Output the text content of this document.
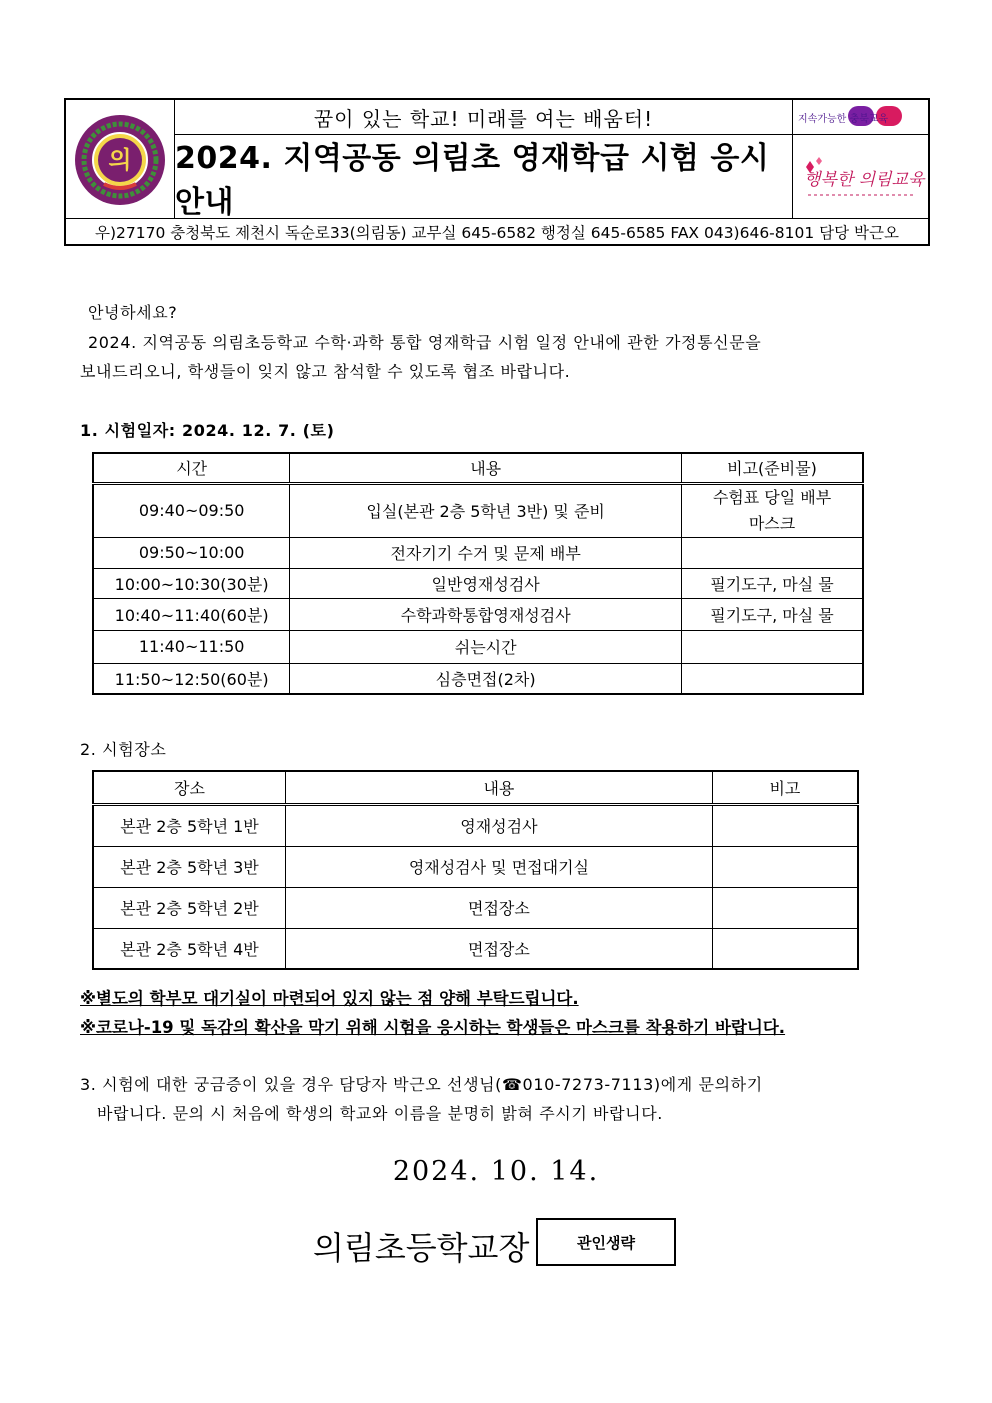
의
꿈이 있는 학교! 미래를 여는 배움터!
2024. 지역공동 의림초 영재학급 시험 응시 안내
지속가능한 충북교육
행복한 의림교육
우)27170 충청북도 제천시 독순로33(의림동) 교무실 645-6582 행정실 645-6585 FAX 043)646-8101 담당 박근오
안녕하세요?
2024. 지역공동 의림초등학교 수학·과학 통합 영재학급 시험 일정 안내에 관한 가정통신문을
보내드리오니, 학생들이 잊지 않고 참석할 수 있도록 협조 바랍니다.
1. 시험일자: 2024. 12. 7. (토)
시간	내용	비고(준비물)
09:40~09:50	입실(본관 2층 5학년 3반) 및 준비	수험표 당일 배부
마스크

09:50~10:00	전자기기 수거 및 문제 배부	
10:00~10:30(30분)	일반영재성검사	필기도구, 마실 물
10:40~11:40(60분)	수학과학통합영재성검사	필기도구, 마실 물
11:40~11:50	쉬는시간	
11:50~12:50(60분)	심층면접(2차)	
2. 시험장소
장소	내용	비고
본관 2층 5학년 1반	영재성검사	
본관 2층 5학년 3반	영재성검사 및 면접대기실	
본관 2층 5학년 2반	면접장소	
본관 2층 5학년 4반	면접장소	
※별도의 학부모 대기실이 마련되어 있지 않는 점 양해 부탁드립니다.
※코로나-19 및 독감의 확산을 막기 위해 시험을 응시하는 학생들은 마스크를 착용하기 바랍니다.
3. 시험에 대한 궁금증이 있을 경우 담당자 박근오 선생님(☎010-7273-7113)에게 문의하기
바랍니다. 문의 시 처음에 학생의 학교와 이름을 분명히 밝혀 주시기 바랍니다.
2024. 10. 14.
의림초등학교장	관인생략
